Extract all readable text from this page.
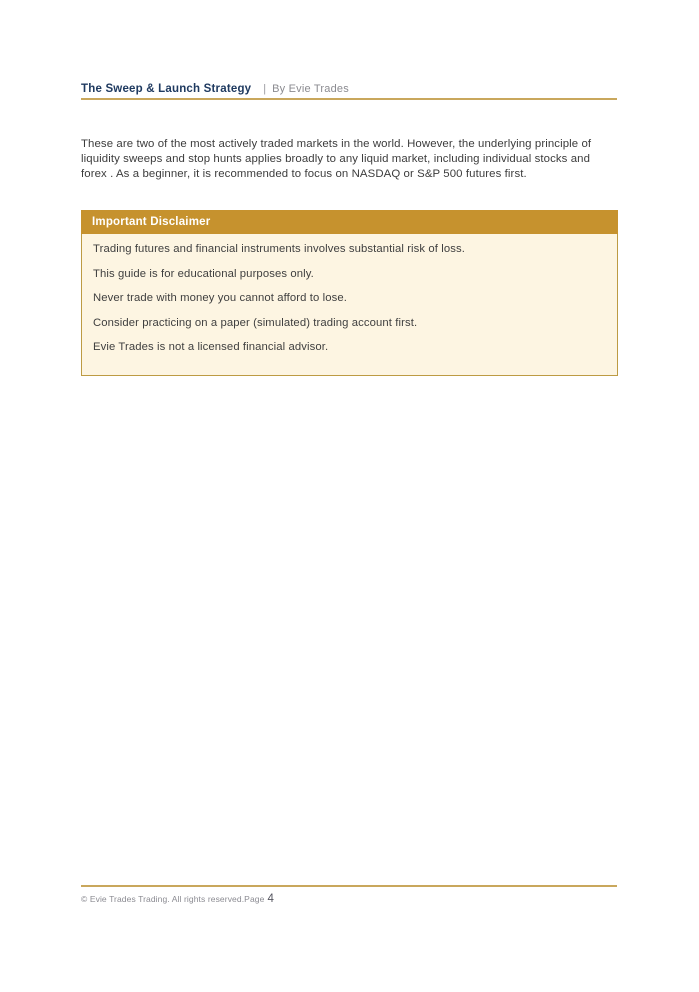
The Sweep & Launch Strategy | By Evie Trades

These are two of the most actively traded markets in the world. However, the underlying principle of liquidity sweeps and stop hunts applies broadly to any liquid market, including individual stocks and forex . As a beginner, it is recommended to focus on NASDAQ or S&P 500 futures first.

Important Disclaimer

Trading futures and financial instruments involves substantial risk of loss.

This guide is for educational purposes only.

Never trade with money you cannot afford to lose.

Consider practicing on a paper (simulated) trading account first.

Evie Trades is not a licensed financial advisor.

© Evie Trades Trading. All rights reserved.Page 4
